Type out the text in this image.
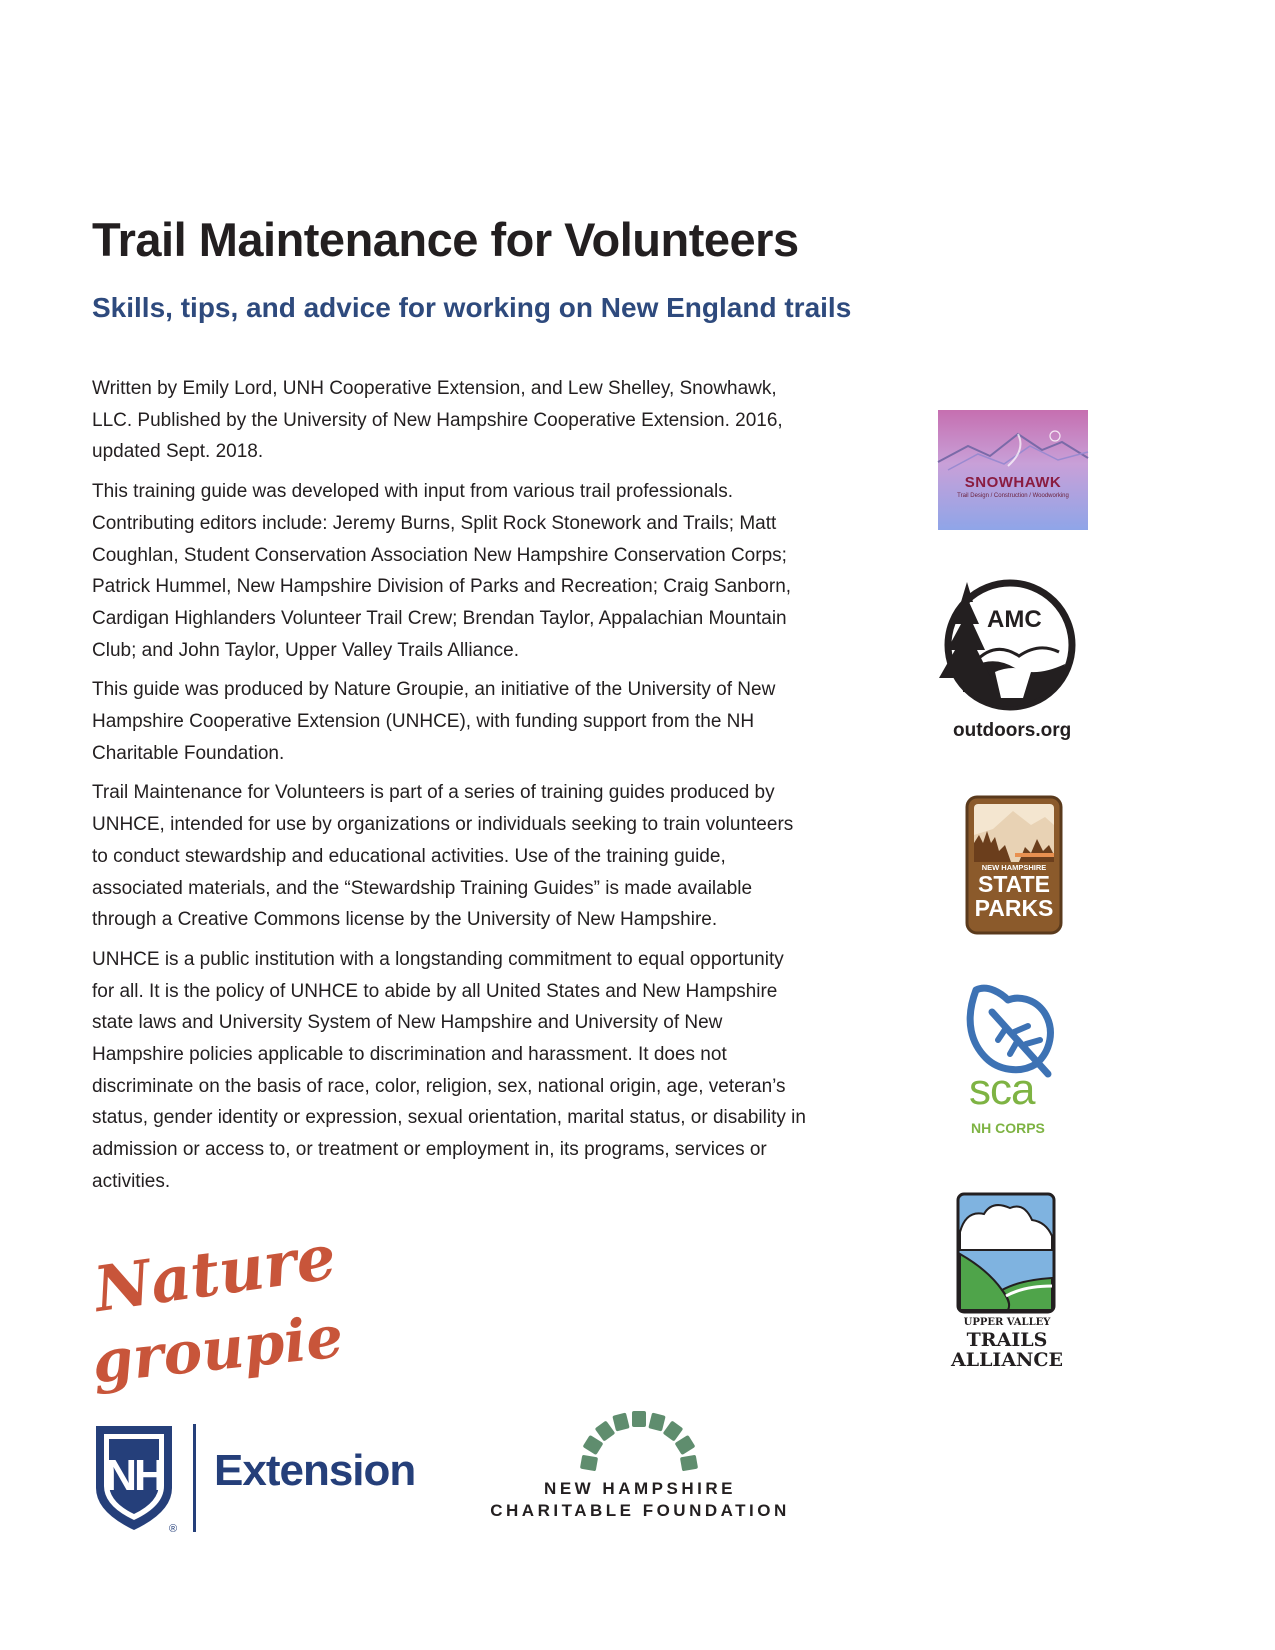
Trail Maintenance for Volunteers
Skills, tips, and advice for working on New England trails

Written by Emily Lord, UNH Cooperative Extension, and Lew Shelley, Snowhawk, LLC. Published by the University of New Hampshire Cooperative Extension. 2016, updated Sept. 2018.

This training guide was developed with input from various trail professionals. Contributing editors include: Jeremy Burns, Split Rock Stonework and Trails; Matt Coughlan, Student Conservation Association New Hampshire Conservation Corps; Patrick Hummel, New Hampshire Division of Parks and Recreation; Craig Sanborn, Cardigan Highlanders Volunteer Trail Crew; Brendan Taylor, Appalachian Mountain Club; and John Taylor, Upper Valley Trails Alliance.

This guide was produced by Nature Groupie, an initiative of the University of New Hampshire Cooperative Extension (UNHCE), with funding support from the NH Charitable Foundation.

Trail Maintenance for Volunteers is part of a series of training guides produced by UNHCE, intended for use by organizations or individuals seeking to train volunteers to conduct stewardship and educational activities. Use of the training guide, associated materials, and the “Stewardship Training Guides” is made available through a Creative Commons license by the University of New Hampshire.

UNHCE is a public institution with a longstanding commitment to equal opportunity for all. It is the policy of UNHCE to abide by all United States and New Hampshire state laws and University System of New Hampshire and University of New Hampshire policies applicable to discrimination and harassment. It does not discriminate on the basis of race, color, religion, sex, national origin, age, veteran’s status, gender identity or expression, sexual orientation, marital status, or disability in admission or access to, or treatment or employment in, its programs, services or activities.

SNOWHAWK
Trail Design / Construction / Woodworking
AMC
outdoors.org
NEW HAMPSHIRE
STATE
PARKS
sca
NH CORPS
UPPER VALLEY
TRAILS
ALLIANCE
Nature
groupie
NH
®
Extension	NEW HAMPSHIRE
CHARITABLE FOUNDATION
